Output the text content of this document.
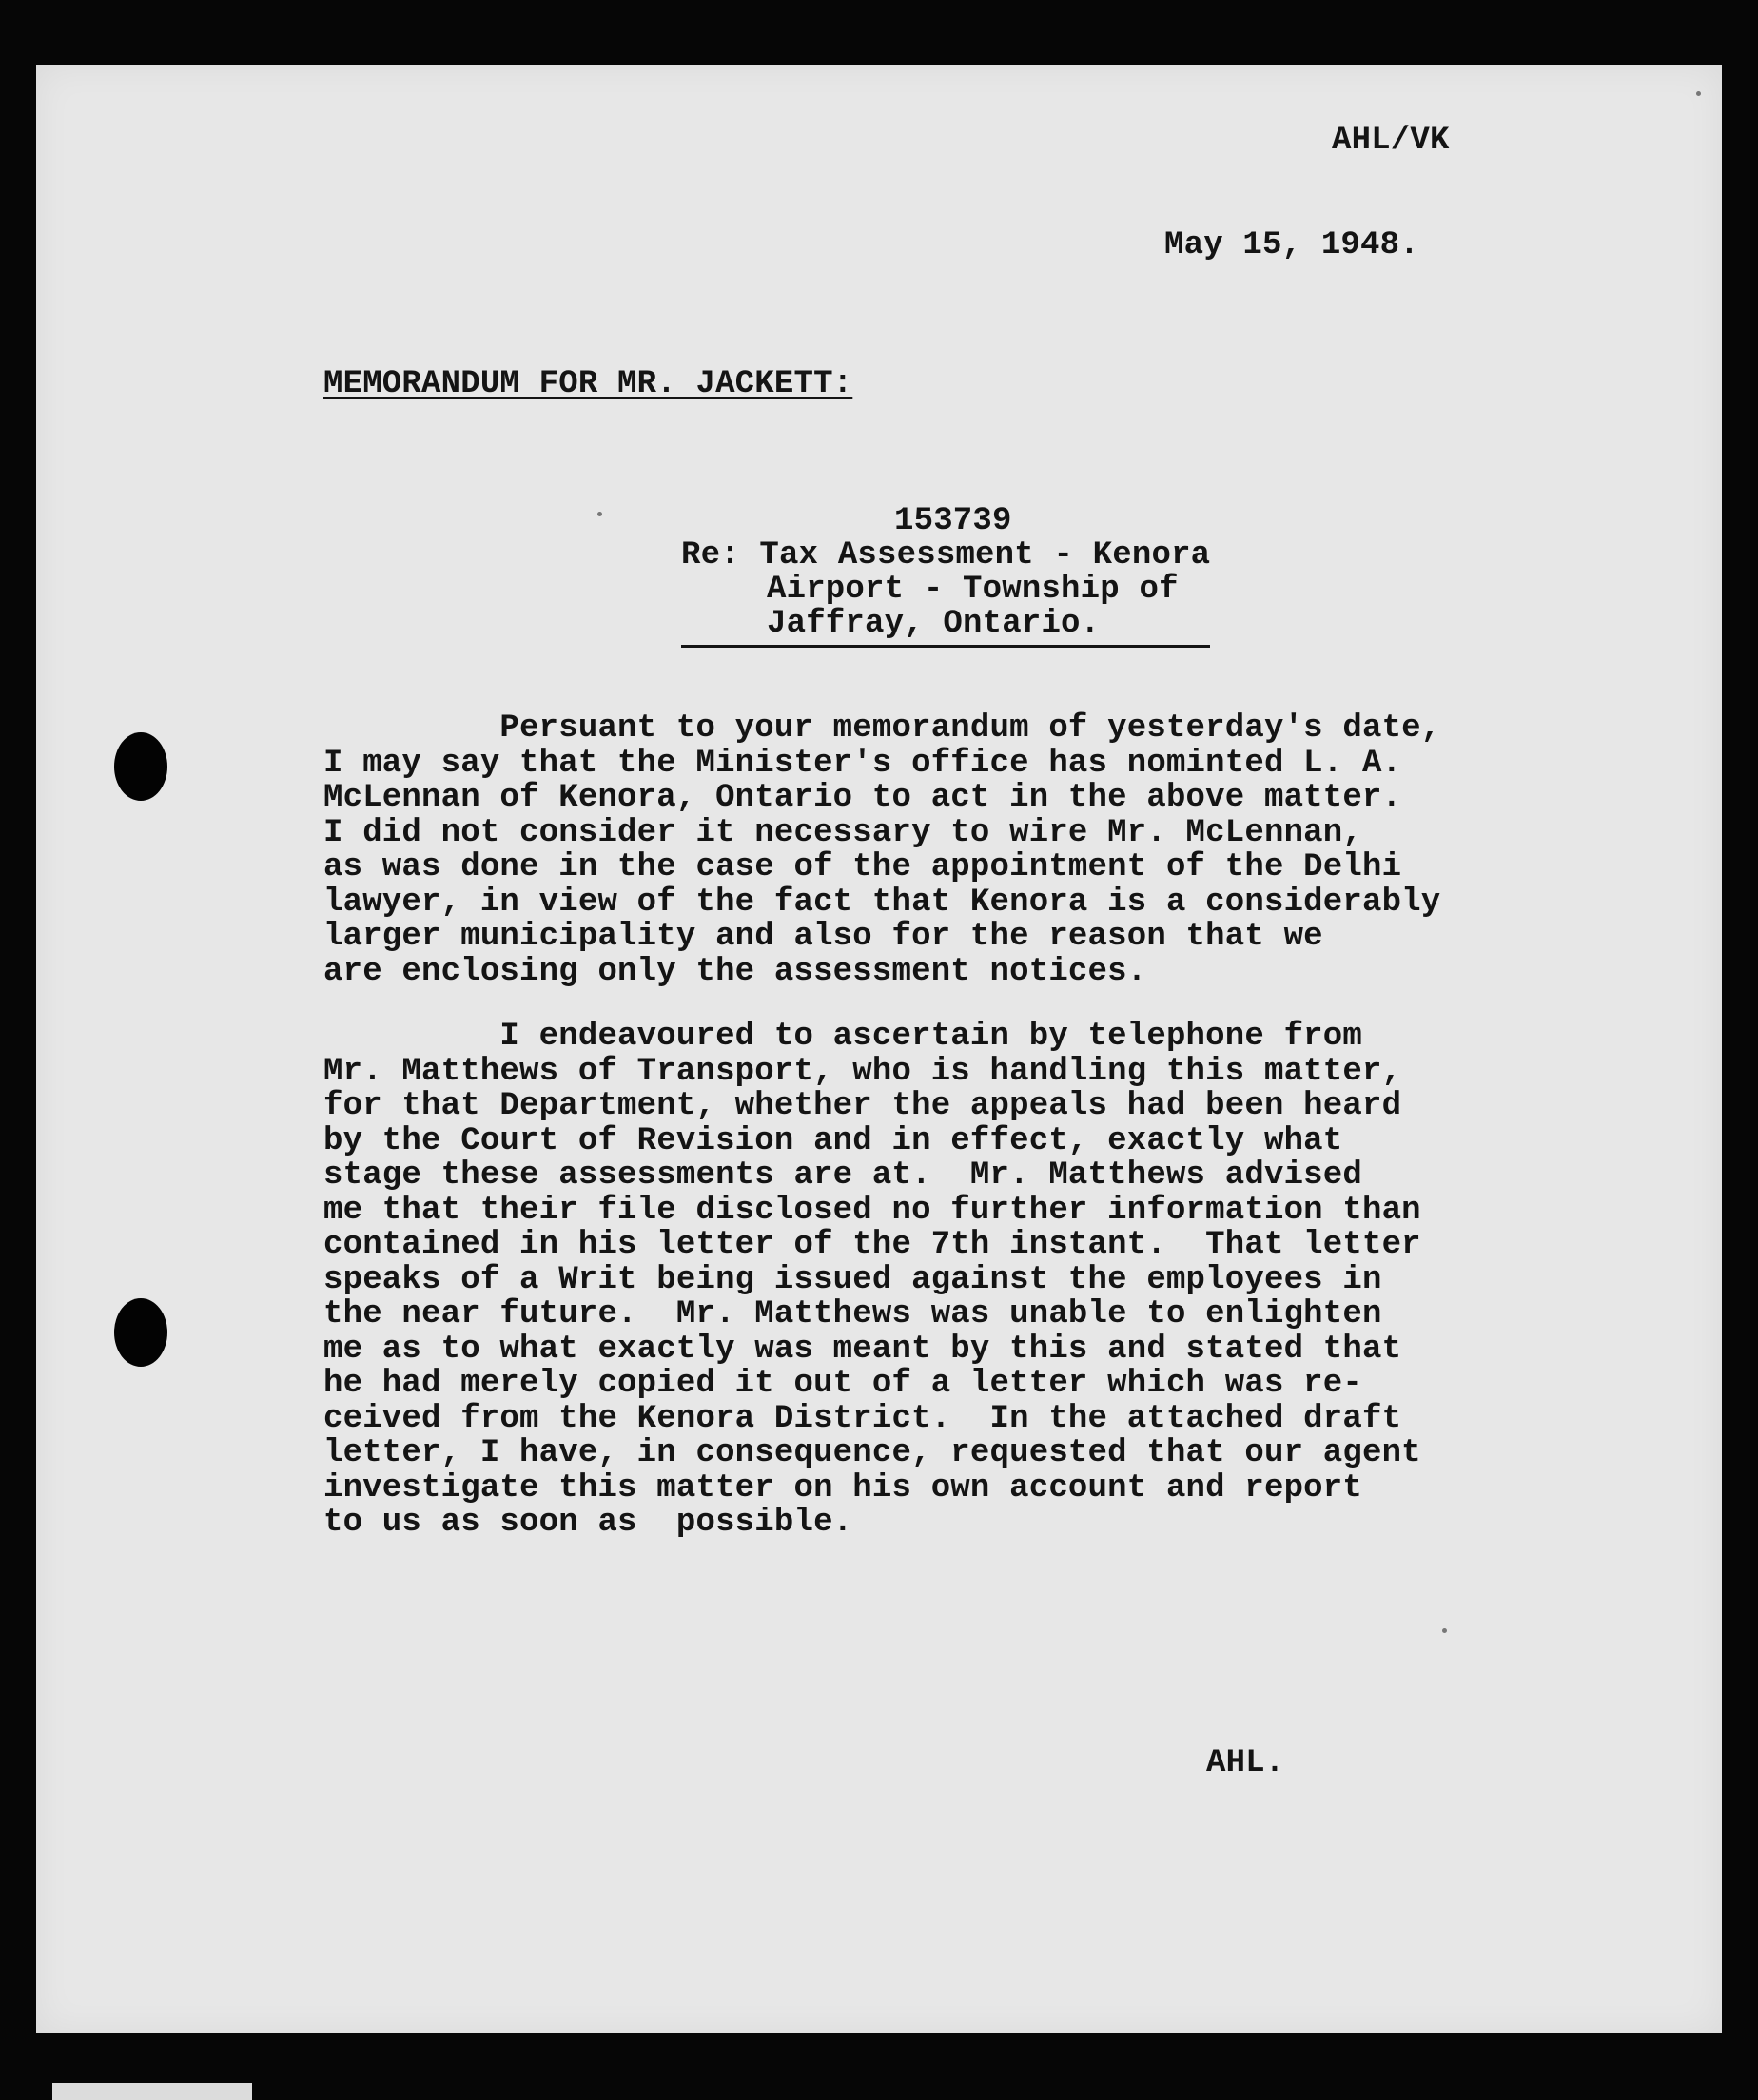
AHL/VK
May 15, 1948.
MEMORANDUM FOR MR. JACKETT:
153739
Re: Tax Assessment - Kenora
Airport - Township of
Jaffray, Ontario.
Persuant to your memorandum of yesterday's date,
I may say that the Minister's office has nominted L. A.
McLennan of Kenora, Ontario to act in the above matter.
I did not consider it necessary to wire Mr. McLennan,
as was done in the case of the appointment of the Delhi
lawyer, in view of the fact that Kenora is a considerably
larger municipality and also for the reason that we
are enclosing only the assessment notices.
I endeavoured to ascertain by telephone from
Mr. Matthews of Transport, who is handling this matter,
for that Department, whether the appeals had been heard
by the Court of Revision and in effect, exactly what
stage these assessments are at.  Mr. Matthews advised
me that their file disclosed no further information than
contained in his letter of the 7th instant.  That letter
speaks of a Writ being issued against the employees in
the near future.  Mr. Matthews was unable to enlighten
me as to what exactly was meant by this and stated that
he had merely copied it out of a letter which was re-
ceived from the Kenora District.  In the attached draft
letter, I have, in consequence, requested that our agent
investigate this matter on his own account and report
to us as soon as  possible.
AHL.
